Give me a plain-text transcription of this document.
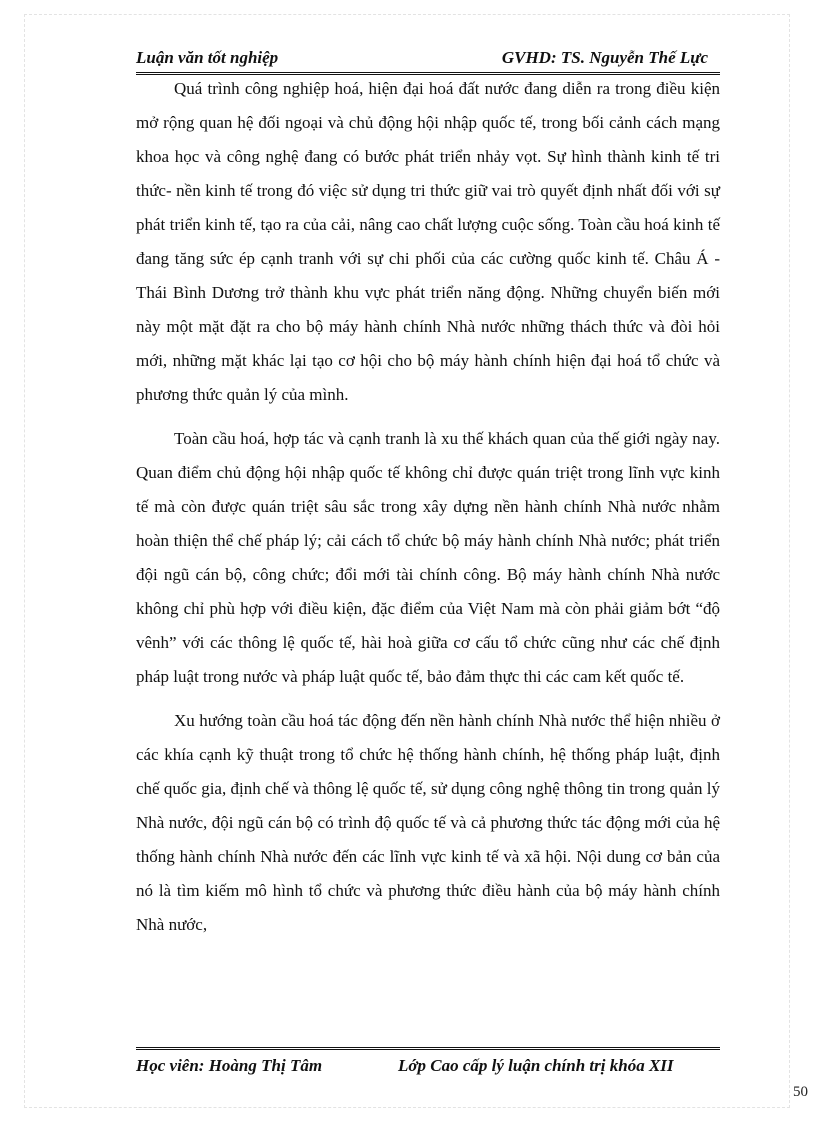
Luận văn tốt nghiệp	GVHD: TS. Nguyễn Thế Lực

Quá trình công nghiệp hoá, hiện đại hoá đất nước đang diễn ra trong điều kiện mở rộng quan hệ đối ngoại và chủ động hội nhập quốc tế, trong bối cảnh cách mạng khoa học và công nghệ đang có bước phát triển nhảy vọt. Sự hình thành kinh tế tri thức- nền kinh tế trong đó việc sử dụng tri thức giữ vai trò quyết định nhất đối với sự phát triển kinh tế, tạo ra của cải, nâng cao chất lượng cuộc sống. Toàn cầu hoá kinh tế đang tăng sức ép cạnh tranh với sự chi phối của các cường quốc kinh tế. Châu Á - Thái Bình Dương trở thành khu vực phát triển năng động. Những chuyển biến mới này một mặt đặt ra cho bộ máy hành chính Nhà nước những thách thức và đòi hỏi mới, những mặt khác lại tạo cơ hội cho bộ máy hành chính hiện đại hoá tổ chức và phương thức quản lý của mình.

Toàn cầu hoá, hợp tác và cạnh tranh là xu thế khách quan của thế giới ngày nay. Quan điểm chủ động hội nhập quốc tế không chỉ được quán triệt trong lĩnh vực kinh tế mà còn được quán triệt sâu sắc trong xây dựng nền hành chính Nhà nước nhằm hoàn thiện thể chế pháp lý; cải cách tổ chức bộ máy hành chính Nhà nước; phát triển đội ngũ cán bộ, công chức; đổi mới tài chính công. Bộ máy hành chính Nhà nước không chỉ phù hợp với điều kiện, đặc điểm của Việt Nam mà còn phải giảm bớt “độ vênh” với các thông lệ quốc tế, hài hoà giữa cơ cấu tổ chức cũng như các chế định pháp luật trong nước và pháp luật quốc tế, bảo đảm thực thi các cam kết quốc tế.

Xu hướng toàn cầu hoá tác động đến nền hành chính Nhà nước thể hiện nhiều ở các khía cạnh kỹ thuật trong tổ chức hệ thống hành chính, hệ thống pháp luật, định chế quốc gia, định chế và thông lệ quốc tế, sử dụng công nghệ thông tin trong quản lý Nhà nước, đội ngũ cán bộ có trình độ quốc tế và cả phương thức tác động mới của hệ thống hành chính Nhà nước đến các lĩnh vực kinh tế và xã hội. Nội dung cơ bản của nó là tìm kiếm mô hình tổ chức và phương thức điều hành của bộ máy hành chính Nhà nước,

Học viên: Hoàng Thị Tâm	Lớp Cao cấp lý luận chính trị khóa XII
50
